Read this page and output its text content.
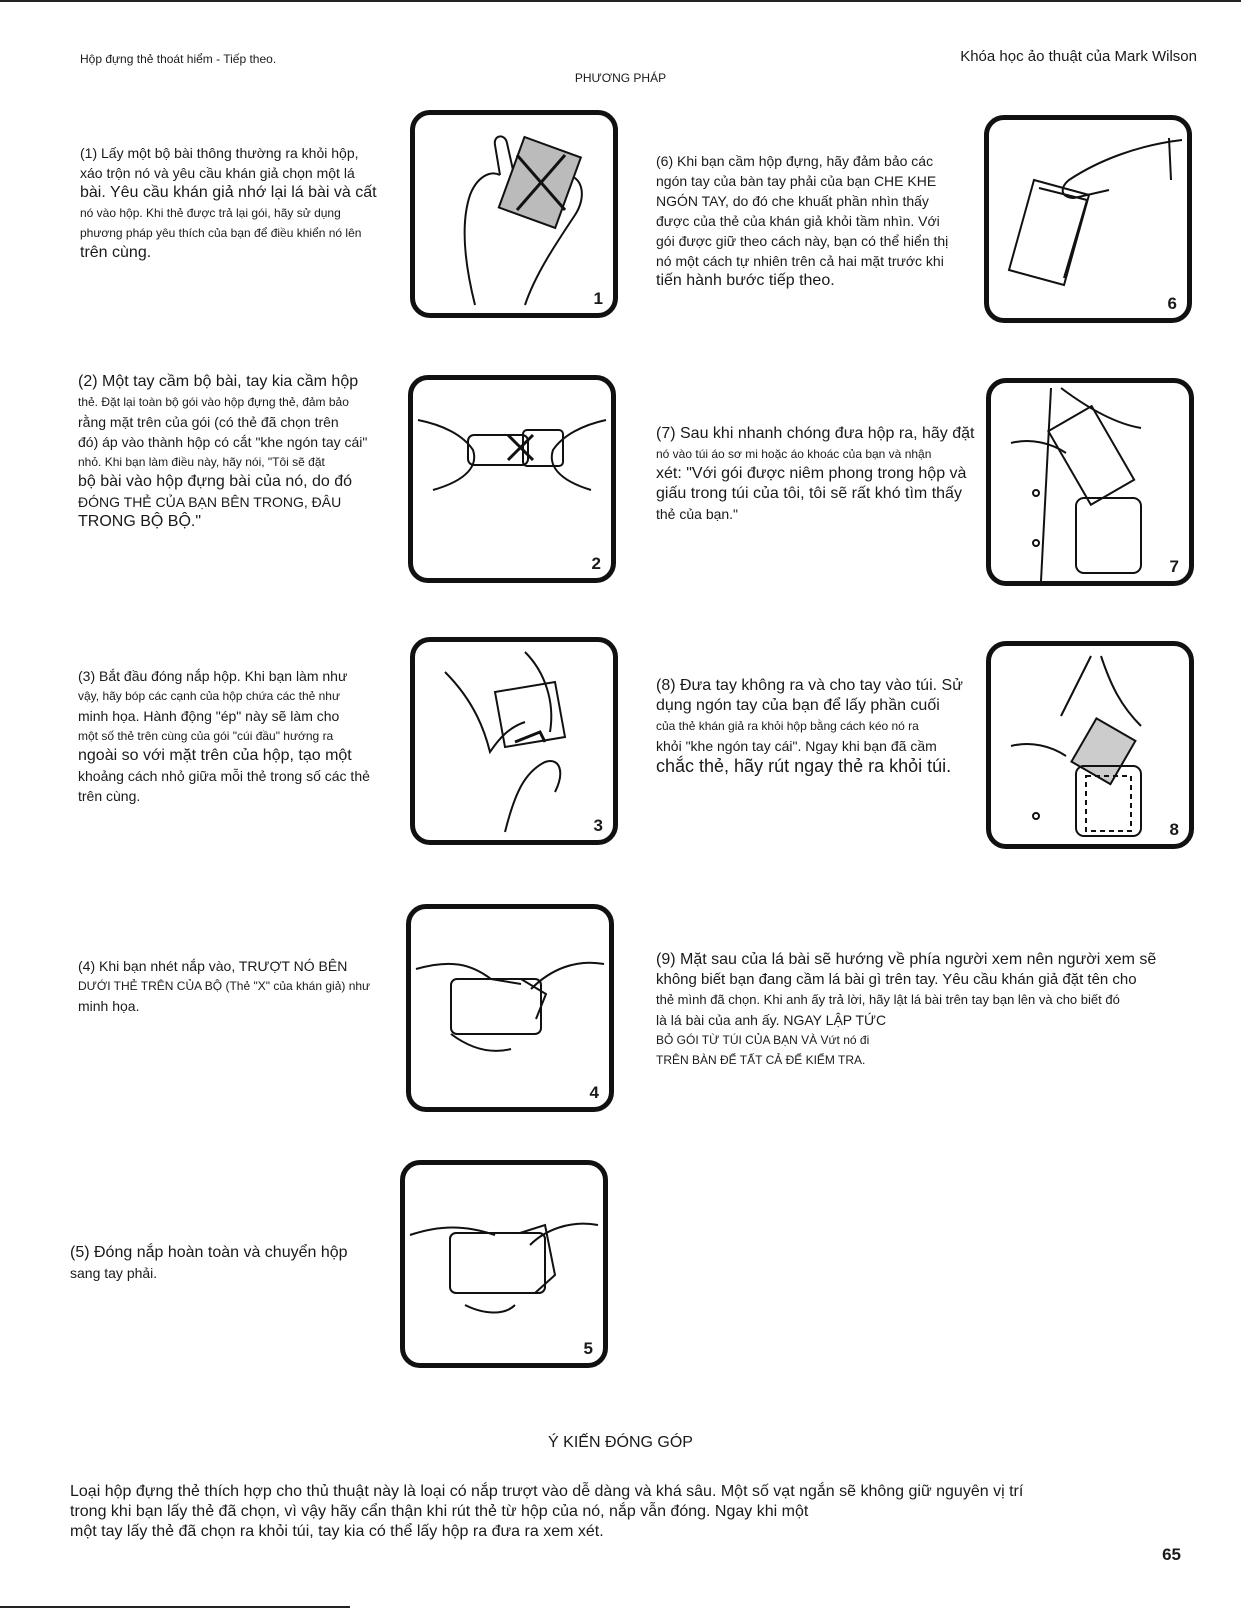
Hộp đựng thẻ thoát hiểm - Tiếp theo.	Khóa học ảo thuật của Mark Wilson
PHƯƠNG PHÁP
(1) Lấy một bộ bài thông thường ra khỏi hộp,
xáo trộn nó và yêu cầu khán giả chọn một lá
bài. Yêu cầu khán giả nhớ lại lá bài và cất
nó vào hộp. Khi thẻ được trả lại gói, hãy sử dụng
phương pháp yêu thích của bạn để điều khiển nó lên
trên cùng.
(2) Một tay cầm bộ bài, tay kia cầm hộp
thẻ. Đặt lại toàn bộ gói vào hộp đựng thẻ, đảm bảo
rằng mặt trên của gói (có thẻ đã chọn trên
đó) áp vào thành hộp có cắt "khe ngón tay cái"
nhỏ. Khi bạn làm điều này, hãy nói, "Tôi sẽ đặt
bộ bài vào hộp đựng bài của nó, do đó
ĐÓNG THẺ CỦA BẠN BÊN TRONG, ĐÂU
TRONG BỘ BỘ."
(3) Bắt đầu đóng nắp hộp. Khi bạn làm như
vậy, hãy bóp các cạnh của hộp chứa các thẻ như
minh họa. Hành động "ép" này sẽ làm cho
một số thẻ trên cùng của gói "cúi đầu" hướng ra
ngoài so với mặt trên của hộp, tạo một
khoảng cách nhỏ giữa mỗi thẻ trong số các thẻ
trên cùng.
(4) Khi bạn nhét nắp vào, TRƯỢT NÓ BÊN
DƯỚI THẺ TRÊN CỦA BỘ (Thẻ "X" của khán giả) như
minh họa.
(5) Đóng nắp hoàn toàn và chuyển hộp
sang tay phải.
(6) Khi bạn cầm hộp đựng, hãy đảm bảo các
ngón tay của bàn tay phải của bạn CHE KHE
NGÓN TAY, do đó che khuất phần nhìn thấy
được của thẻ của khán giả khỏi tầm nhìn. Với
gói được giữ theo cách này, bạn có thể hiển thị
nó một cách tự nhiên trên cả hai mặt trước khi
tiến hành bước tiếp theo.
(7) Sau khi nhanh chóng đưa hộp ra, hãy đặt
nó vào túi áo sơ mi hoặc áo khoác của bạn và nhận
xét: "Với gói được niêm phong trong hộp và
giấu trong túi của tôi, tôi sẽ rất khó tìm thấy
thẻ của bạn."
(8) Đưa tay không ra và cho tay vào túi. Sử
dụng ngón tay của bạn để lấy phần cuối
của thẻ khán giả ra khỏi hộp bằng cách kéo nó ra
khỏi "khe ngón tay cái". Ngay khi bạn đã cầm
chắc thẻ, hãy rút ngay thẻ ra khỏi túi.
(9) Mặt sau của lá bài sẽ hướng về phía người xem nên người xem sẽ
không biết bạn đang cầm lá bài gì trên tay. Yêu cầu khán giả đặt tên cho
thẻ mình đã chọn. Khi anh ấy trả lời, hãy lật lá bài trên tay bạn lên và cho biết đó
là lá bài của anh ấy. NGAY LẬP TỨC
BỎ GÓI TỪ TÚI CỦA BẠN VÀ Vứt nó đi
TRÊN BÀN ĐỂ TẤT CẢ ĐỂ KIỂM TRA.
1
2
3
4
5
6
7
8
Ý KIẾN ĐÓNG GÓP
Loại hộp đựng thẻ thích hợp cho thủ thuật này là loại có nắp trượt vào dễ dàng và khá sâu. Một số vạt ngắn sẽ không giữ nguyên vị trí
trong khi bạn lấy thẻ đã chọn, vì vậy hãy cẩn thận khi rút thẻ từ hộp của nó, nắp vẫn đóng. Ngay khi một
một tay lấy thẻ đã chọn ra khỏi túi, tay kia có thể lấy hộp ra đưa ra xem xét.
65
